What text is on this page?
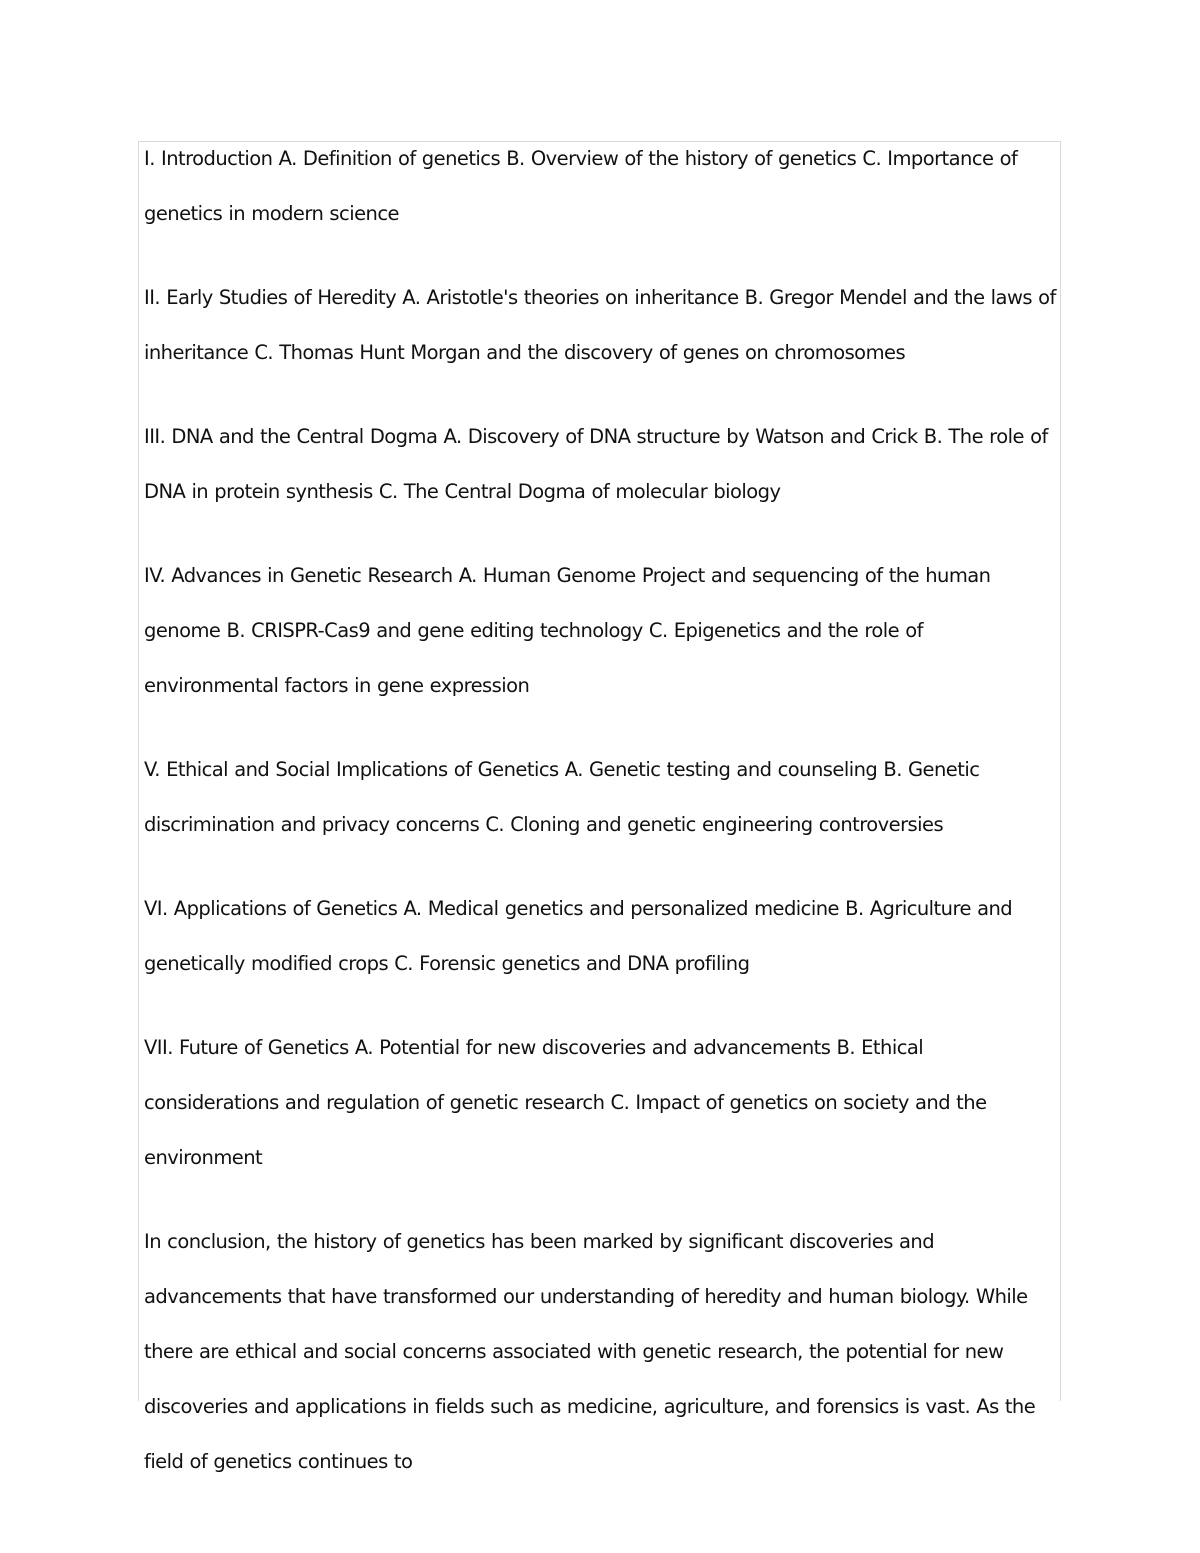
I. Introduction A. Definition of genetics B. Overview of the history of genetics C. Importance of genetics in modern science

II. Early Studies of Heredity A. Aristotle's theories on inheritance B. Gregor Mendel and the laws of inheritance C. Thomas Hunt Morgan and the discovery of genes on chromosomes

III. DNA and the Central Dogma A. Discovery of DNA structure by Watson and Crick B. The role of DNA in protein synthesis C. The Central Dogma of molecular biology

IV. Advances in Genetic Research A. Human Genome Project and sequencing of the human genome B. CRISPR-Cas9 and gene editing technology C. Epigenetics and the role of environmental factors in gene expression

V. Ethical and Social Implications of Genetics A. Genetic testing and counseling B. Genetic discrimination and privacy concerns C. Cloning and genetic engineering controversies

VI. Applications of Genetics A. Medical genetics and personalized medicine B. Agriculture and genetically modified crops C. Forensic genetics and DNA profiling

VII. Future of Genetics A. Potential for new discoveries and advancements B. Ethical considerations and regulation of genetic research C. Impact of genetics on society and the environment

In conclusion, the history of genetics has been marked by significant discoveries and advancements that have transformed our understanding of heredity and human biology. While there are ethical and social concerns associated with genetic research, the potential for new discoveries and applications in fields such as medicine, agriculture, and forensics is vast. As the field of genetics continues to
